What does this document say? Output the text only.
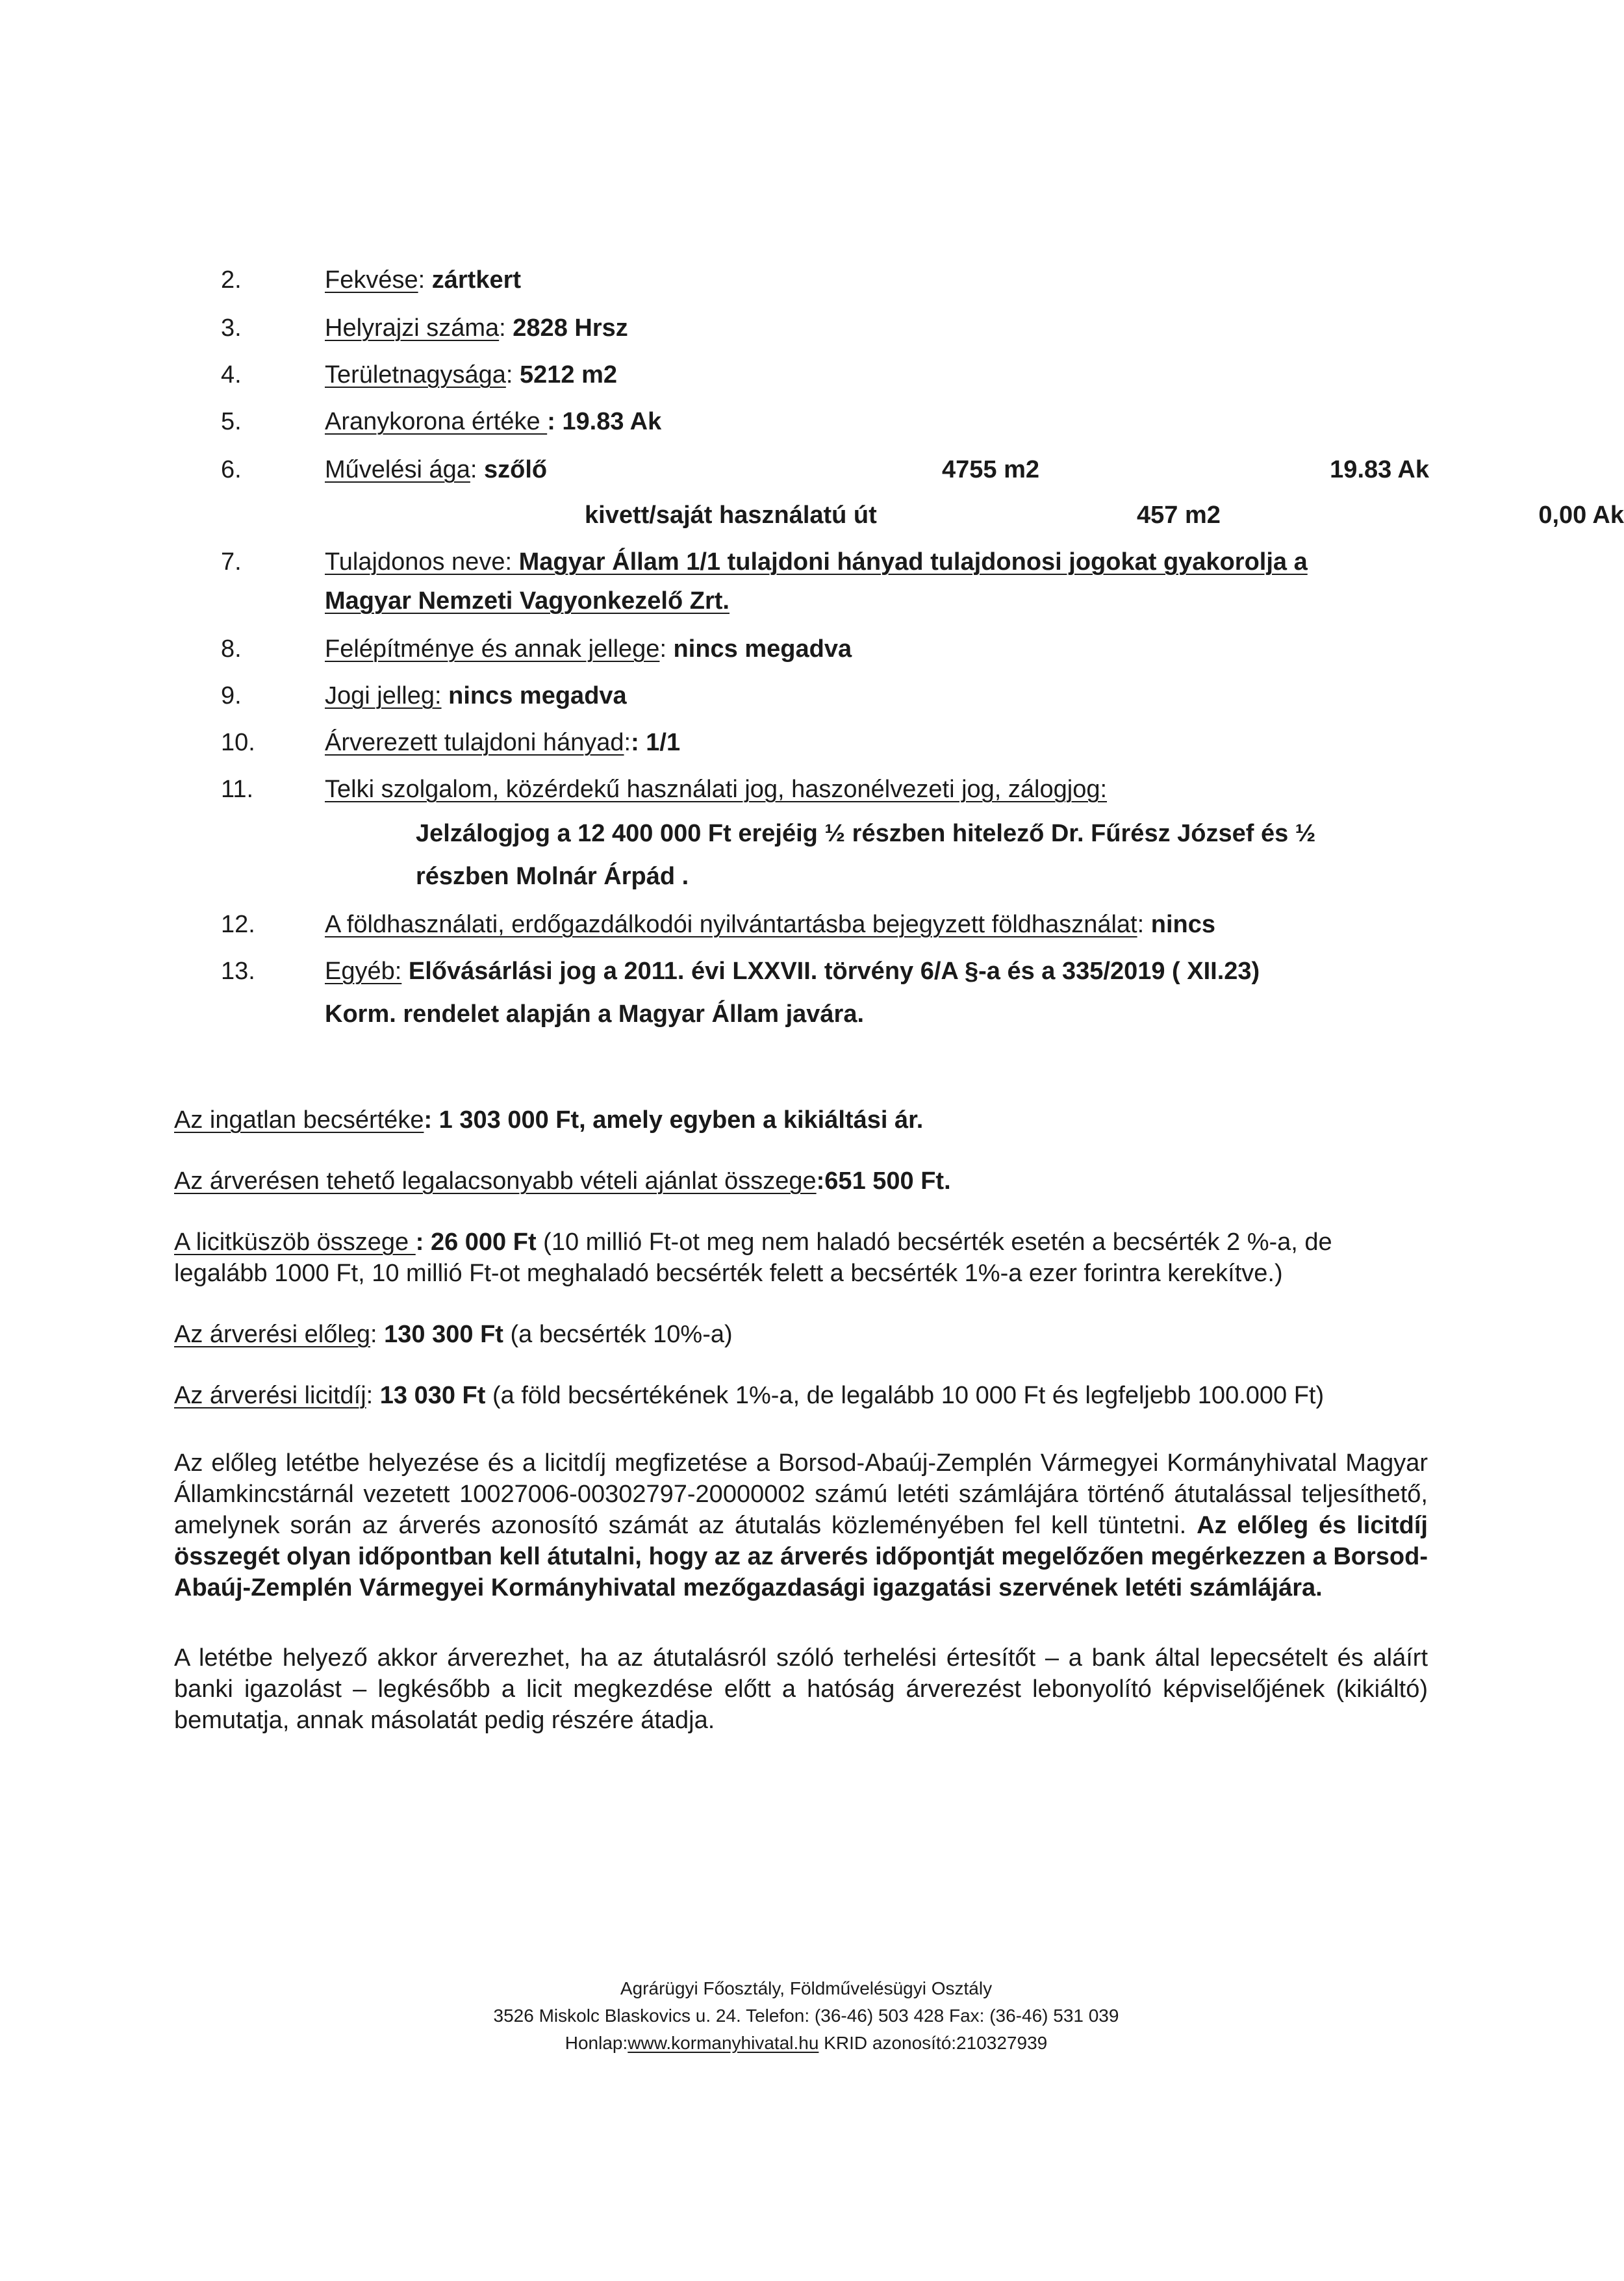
2.	Fekvése: zártkert
3.	Helyrajzi száma: 2828 Hrsz
4.	Területnagysága: 5212 m2
5.	Aranykorona értéke : 19.83 Ak
6.	Művelési ága: szőlő	4755 m2	19.83 Ak
kivett/saját használatú út	457 m2	0,00 Ak
7.	Tulajdonos neve: Magyar Állam 1/1 tulajdoni hányad tulajdonosi jogokat gyakorolja a
Magyar Nemzeti Vagyonkezelő Zrt.
8.	Felépítménye és annak jellege: nincs megadva
9.	Jogi jelleg: nincs megadva
10.	Árverezett tulajdoni hányad:: 1/1
11.	Telki szolgalom, közérdekű használati jog, haszonélvezeti jog, zálogjog:
Jelzálogjog a 12 400 000 Ft erejéig ½ részben hitelező Dr. Fűrész József és ½
részben Molnár Árpád .
12.	A földhasználati, erdőgazdálkodói nyilvántartásba bejegyzett földhasználat: nincs
13.	Egyéb: Elővásárlási jog a 2011. évi LXXVII. törvény 6/A §-a és a 335/2019 ( XII.23)
Korm. rendelet alapján a Magyar Állam javára.

Az ingatlan becsértéke: 1 303 000 Ft, amely egyben a kikiáltási ár.

Az árverésen tehető legalacsonyabb vételi ajánlat összege:651 500 Ft.

A licitküszöb összege : 26 000 Ft (10 millió Ft-ot meg nem haladó becsérték esetén a becsérték 2 %-a, de legalább 1000 Ft, 10 millió Ft-ot meghaladó becsérték felett a becsérték 1%-a ezer forintra kerekítve.)

Az árverési előleg: 130 300 Ft (a becsérték 10%-a)

Az árverési licitdíj: 13 030 Ft (a föld becsértékének 1%-a, de legalább 10 000 Ft és legfeljebb 100.000 Ft)

Az előleg letétbe helyezése és a licitdíj megfizetése a Borsod-Abaúj-Zemplén Vármegyei Kormányhivatal Magyar Államkincstárnál vezetett 10027006-00302797-20000002 számú letéti számlájára történő átutalással teljesíthető, amelynek során az árverés azonosító számát az átutalás közleményében fel kell tüntetni. Az előleg és licitdíj összegét olyan időpontban kell átutalni, hogy az az árverés időpontját megelőzően megérkezzen a Borsod-Abaúj-Zemplén Vármegyei Kormányhivatal mezőgazdasági igazgatási szervének letéti számlájára.

A letétbe helyező akkor árverezhet, ha az átutalásról szóló terhelési értesítőt – a bank által lepecsételt és aláírt banki igazolást – legkésőbb a licit megkezdése előtt a hatóság árverezést lebonyolító képviselőjének (kikiáltó) bemutatja, annak másolatát pedig részére átadja.

Agrárügyi Főosztály, Földművelésügyi Osztály
3526 Miskolc Blaskovics u. 24. Telefon: (36-46) 503 428 Fax: (36-46) 531 039
Honlap:www.kormanyhivatal.hu KRID azonosító:210327939
